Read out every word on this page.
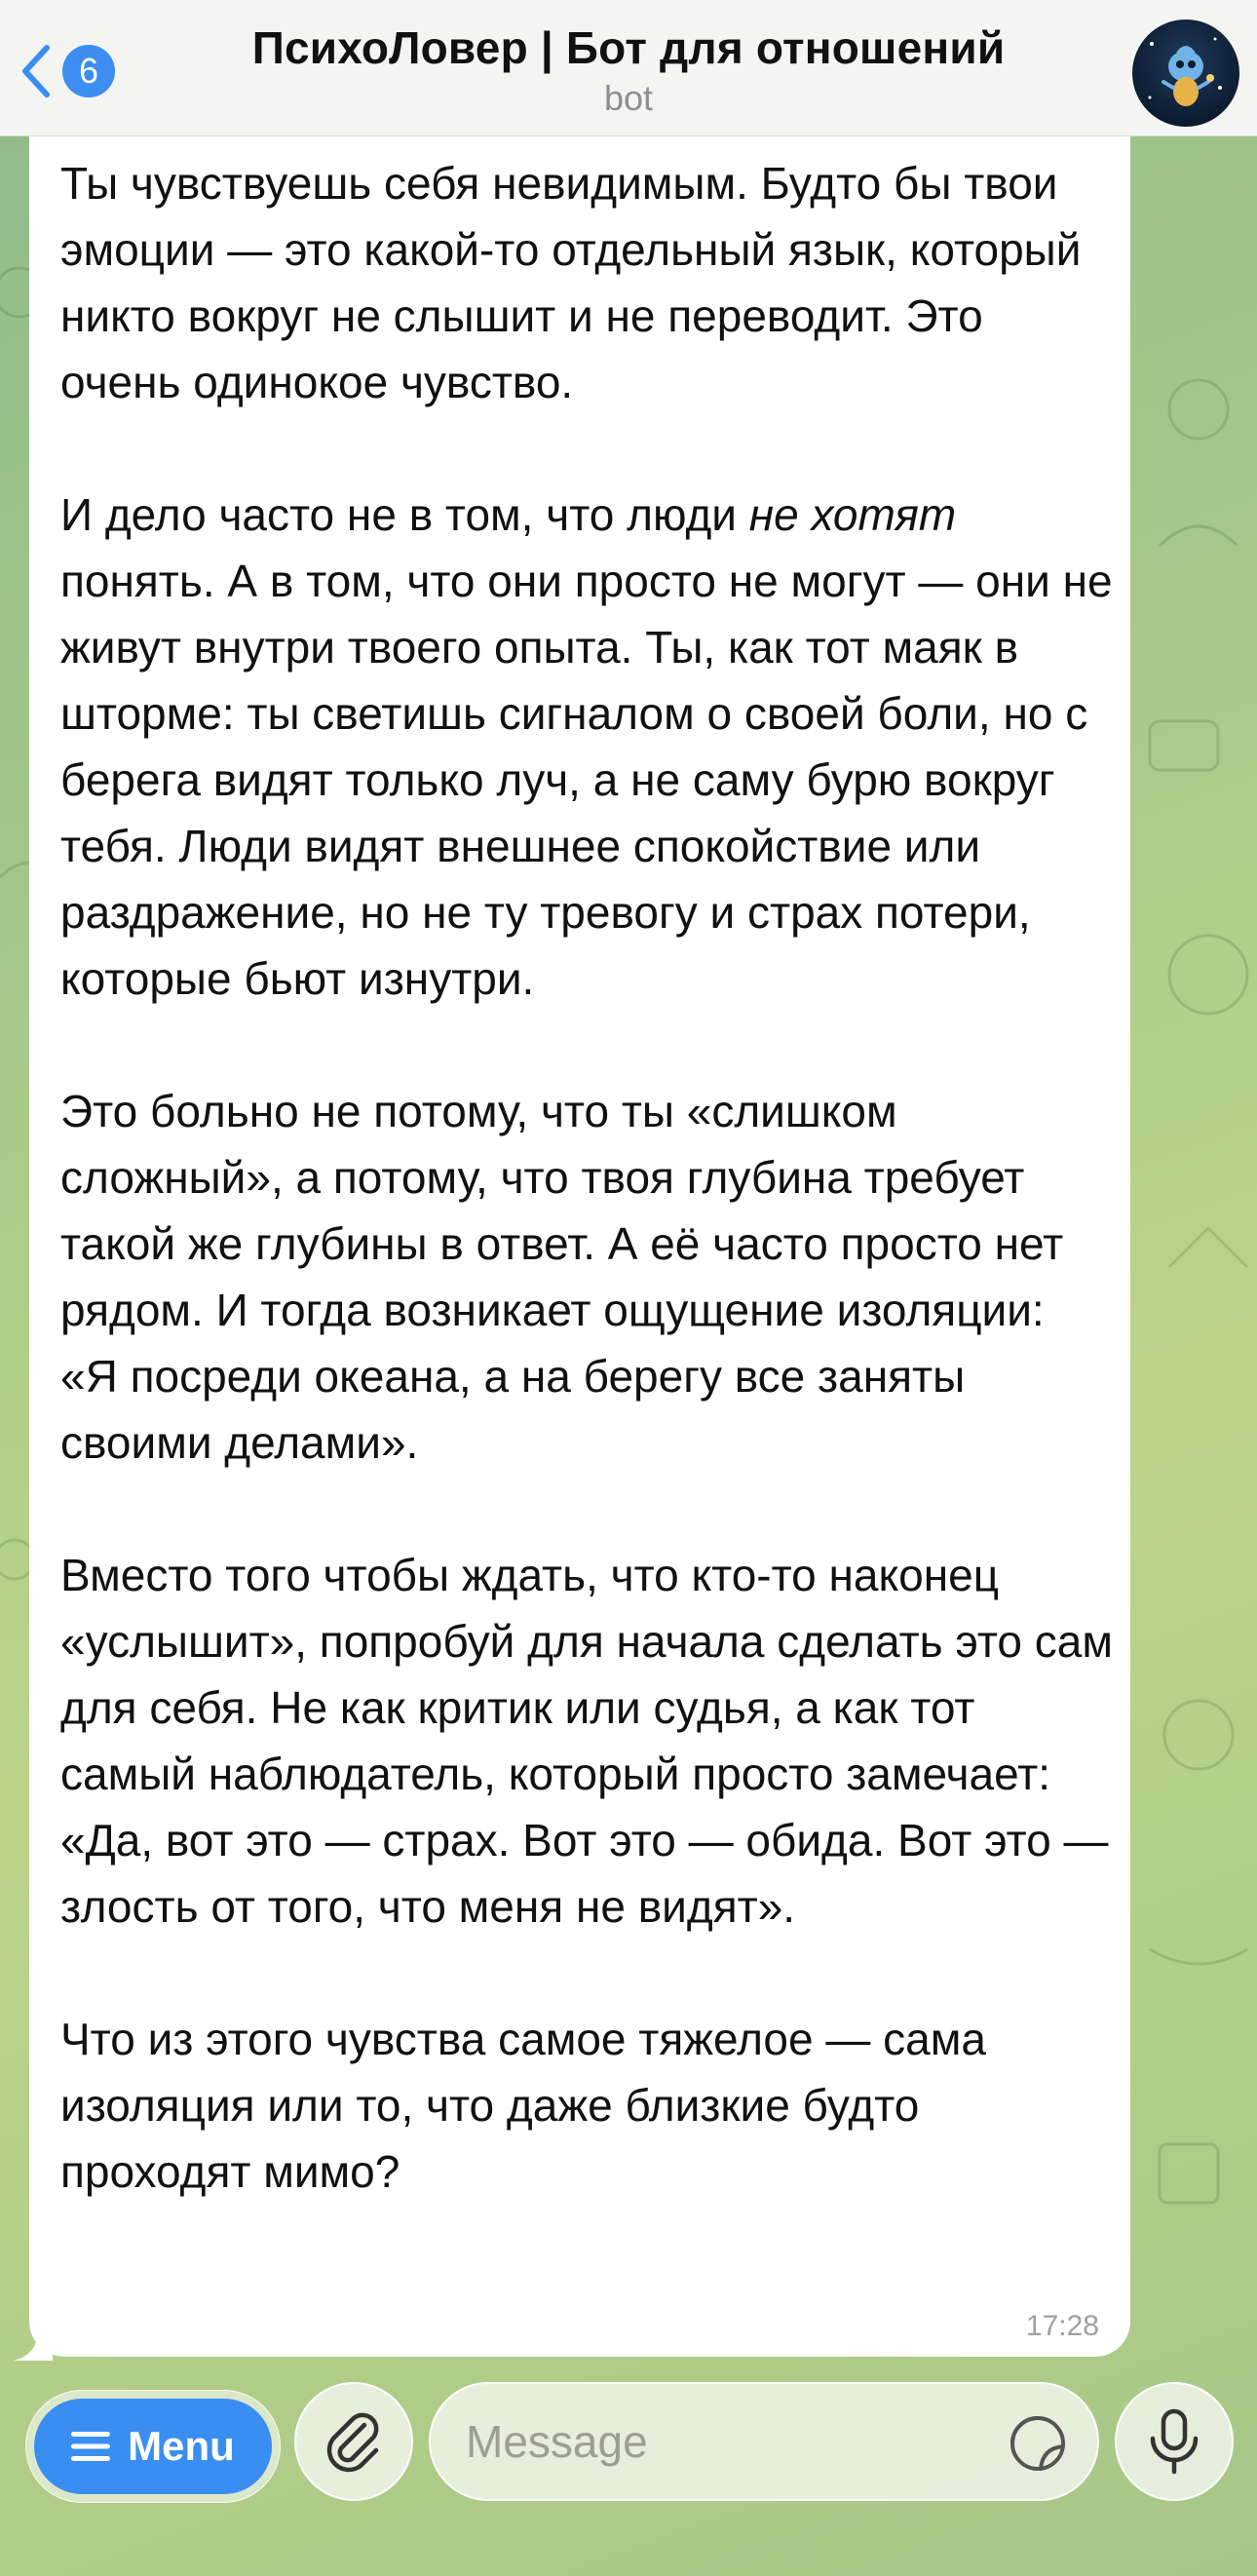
6	ПсихоЛовер | Бот для отношений
bot

Ты чувствуешь себя невидимым. Будто бы твои эмоции — это какой-то отдельный язык, который никто вокруг не слышит и не переводит. Это очень одинокое чувство.

И дело часто не в том, что люди не хотят понять. А в том, что они просто не могут — они не живут внутри твоего опыта. Ты, как тот маяк в шторме: ты светишь сигналом о своей боли, но с берега видят только луч, а не саму бурю вокруг тебя. Люди видят внешнее спокойствие или раздражение, но не ту тревогу и страх потери, которые бьют изнутри.

Это больно не потому, что ты «слишком сложный», а потому, что твоя глубина требует такой же глубины в ответ. А её часто просто нет рядом. И тогда возникает ощущение изоляции: «Я посреди океана, а на берегу все заняты своими делами».

Вместо того чтобы ждать, что кто-то наконец «услышит», попробуй для начала сделать это сам для себя. Не как критик или судья, а как тот самый наблюдатель, который просто замечает: «Да, вот это — страх. Вот это — обида. Вот это — злость от того, что меня не видят».

Что из этого чувства самое тяжелое — сама изоляция или то, что даже близкие будто проходят мимо?

17:28
Menu
Message
